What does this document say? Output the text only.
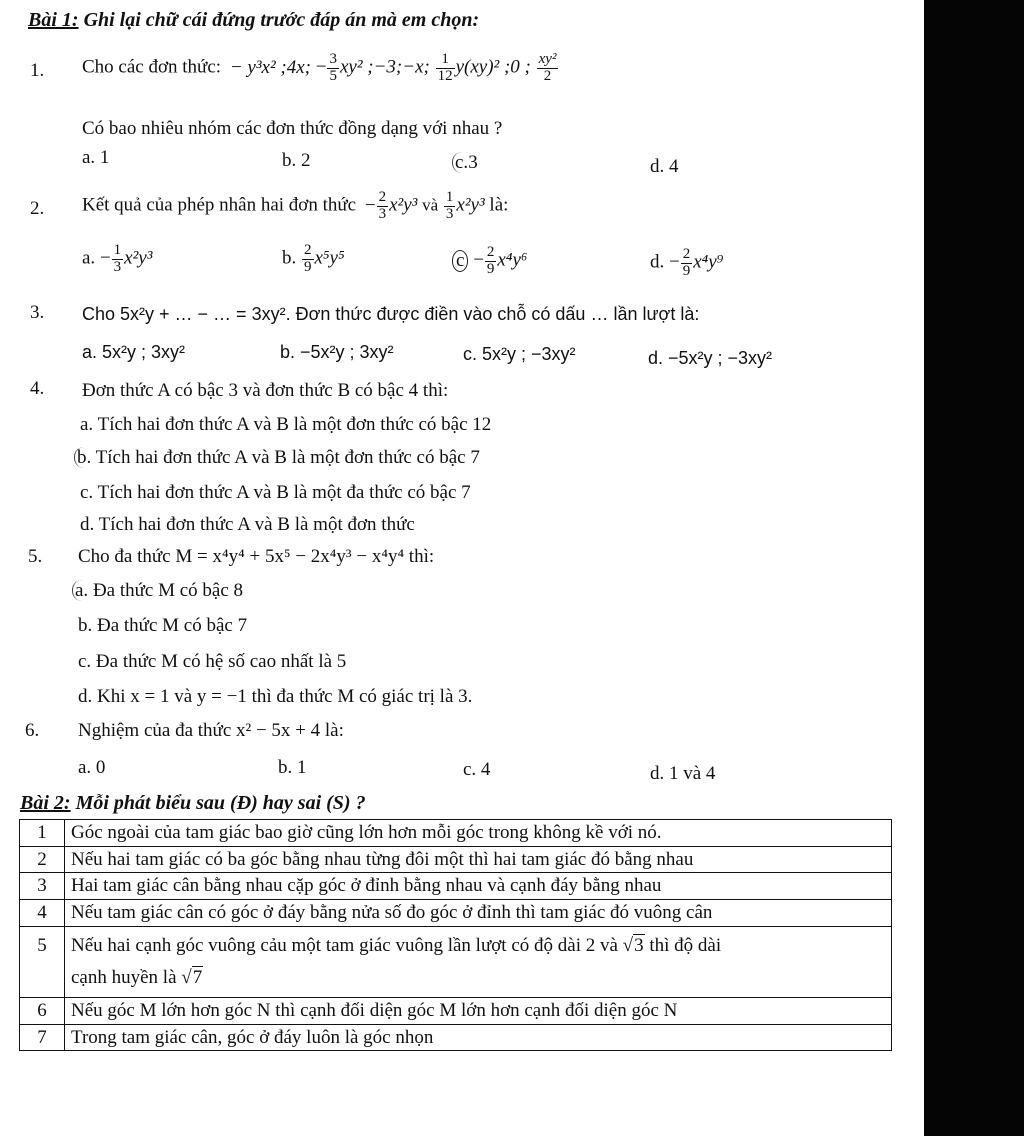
Bài 1: Ghi lại chữ cái đứng trước đáp án mà em chọn:
1. Cho các đơn thức: − y³x² ;4x; − $\frac{3}{5} xy^2$ ;−3;−x; $\frac{1}{12} y(xy)^2$ ;0 ; $\frac{\text{xy²}}{2}$
Có bao nhiêu nhóm các đơn thức đồng dạng với nhau ?
a. 1	b. 2	c.3	d. 4
2. Kết quả của phép nhân hai đơn thức − $\frac{2}{3} x^2y^3$ và $\frac{1}{3} x^2y^3$ là:
a. − $\frac{1}{3} x^2y^3$	b. $\frac{2}{9} x^5y^5$	$c - \frac{2}{9} x^4y^6$	d. − $\frac{2}{9} x^4y^9$
3. Cho 5x²y + … − … = 3xy². Đơn thức được điền vào chỗ có dấu … lần lượt là:
a. 5x²y ; 3xy²	b. −5x²y ; 3xy²	c. 5x²y ; −3xy²	d. −5x²y ; −3xy²
4. Đơn thức A có bậc 3 và đơn thức B có bậc 4 thì:
a. Tích hai đơn thức A và B là một đơn thức có bậc 12
b. Tích hai đơn thức A và B là một đơn thức có bậc 7
c. Tích hai đơn thức A và B là một đa thức có bậc 7
d. Tích hai đơn thức A và B là một đơn thức
5. Cho đa thức M = x⁴y⁴ + 5x⁵ − 2x⁴y³ − x⁴y⁴ thì:
a. Đa thức M có bậc 8
b. Đa thức M có bậc 7
c. Đa thức M có hệ số cao nhất là 5
d. Khi x = 1 và y = −1 thì đa thức M có giác trị là 3.
6. Nghiệm của đa thức x² − 5x + 4 là:
a. 0	b. 1	c. 4	d. 1 và 4
Bài 2: Mỗi phát biểu sau (Đ) hay sai (S) ?
1	Góc ngoài của tam giác bao giờ cũng lớn hơn mỗi góc trong không kề với nó.
2	Nếu hai tam giác có ba góc bằng nhau từng đôi một thì hai tam giác đó bằng nhau
3	Hai tam giác cân bằng nhau cặp góc ở đỉnh bằng nhau và cạnh đáy bằng nhau
4	Nếu tam giác cân có góc ở đáy bằng nửa số đo góc ở đỉnh thì tam giác đó vuông cân
5	Nếu hai cạnh góc vuông cảu một tam giác vuông lần lượt có độ dài 2 và √3 thì độ dài
cạnh huyền là √7
6	Nếu góc M lớn hơn góc N thì cạnh đối diện góc M lớn hơn cạnh đối diện góc N
7	Trong tam giác cân, góc ở đáy luôn là góc nhọn
